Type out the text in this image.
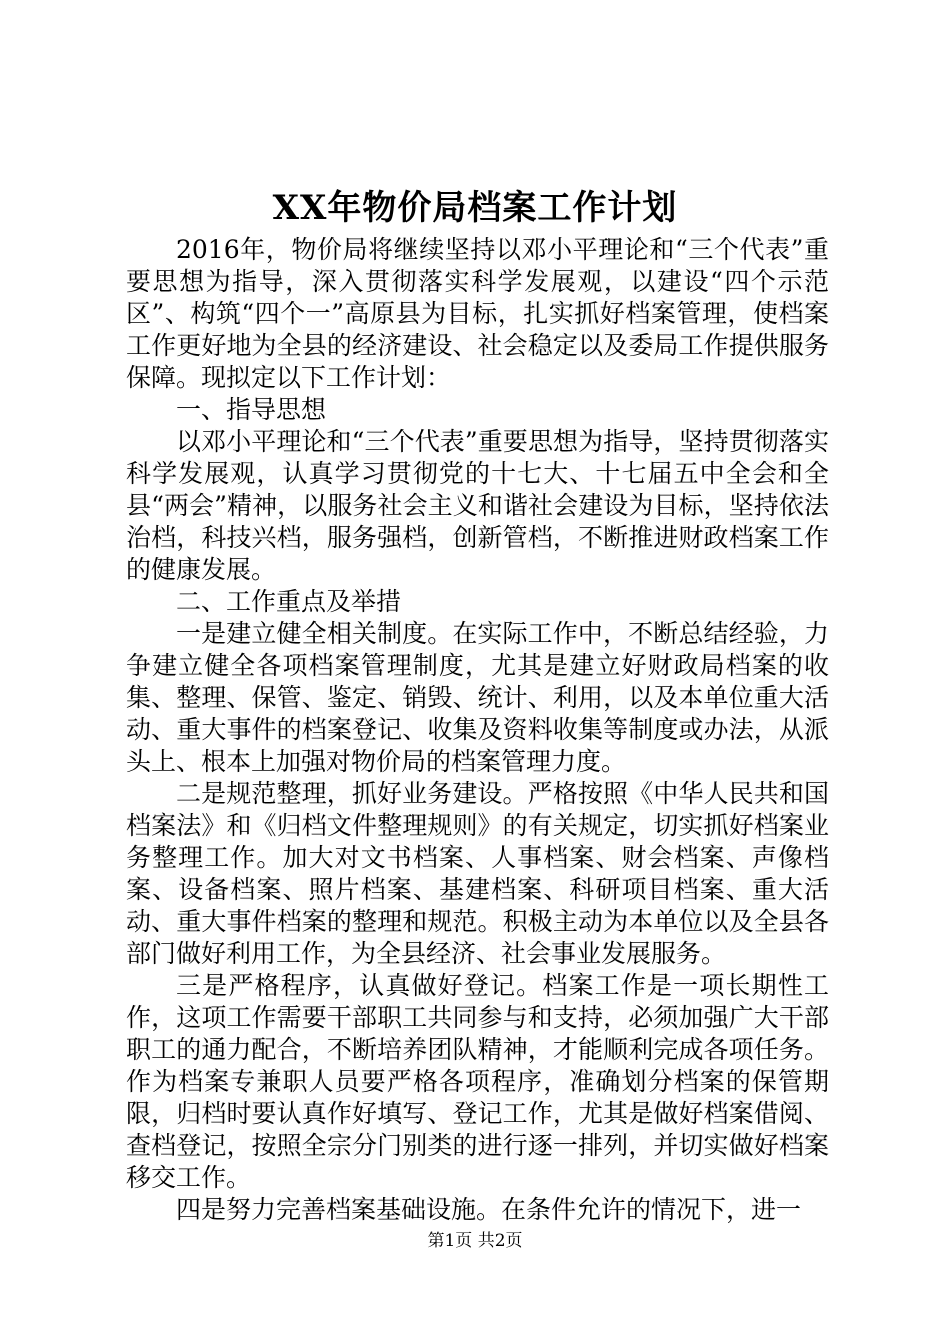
XX年物价局档案工作计划

2016年，物价局将继续坚持以邓小平理论和“三个代表”重要思想为指导，深入贯彻落实科学发展观，以建设“四个示范区”、构筑“四个一”高原县为目标，扎实抓好档案管理，使档案工作更好地为全县的经济建设、社会稳定以及委局工作提供服务保障。现拟定以下工作计划：

一、指导思想

以邓小平理论和“三个代表”重要思想为指导，坚持贯彻落实科学发展观，认真学习贯彻党的十七大、十七届五中全会和全县“两会”精神，以服务社会主义和谐社会建设为目标，坚持依法治档，科技兴档，服务强档，创新管档，不断推进财政档案工作的健康发展。

二、工作重点及举措

一是建立健全相关制度。在实际工作中，不断总结经验，力争建立健全各项档案管理制度，尤其是建立好财政局档案的收集、整理、保管、鉴定、销毁、统计、利用，以及本单位重大活动、重大事件的档案登记、收集及资料收集等制度或办法，从派头上、根本上加强对物价局的档案管理力度。

二是规范整理，抓好业务建设。严格按照《中华人民共和国档案法》和《归档文件整理规则》的有关规定，切实抓好档案业务整理工作。加大对文书档案、人事档案、财会档案、声像档案、设备档案、照片档案、基建档案、科研项目档案、重大活动、重大事件档案的整理和规范。积极主动为本单位以及全县各部门做好利用工作，为全县经济、社会事业发展服务。

三是严格程序，认真做好登记。档案工作是一项长期性工作，这项工作需要干部职工共同参与和支持，必须加强广大干部职工的通力配合，不断培养团队精神，才能顺利完成各项任务。作为档案专兼职人员要严格各项程序，准确划分档案的保管期限，归档时要认真作好填写、登记工作，尤其是做好档案借阅、查档登记，按照全宗分门别类的进行逐一排列，并切实做好档案移交工作。

四是努力完善档案基础设施。在条件允许的情况下，进一

第1页 共2页
